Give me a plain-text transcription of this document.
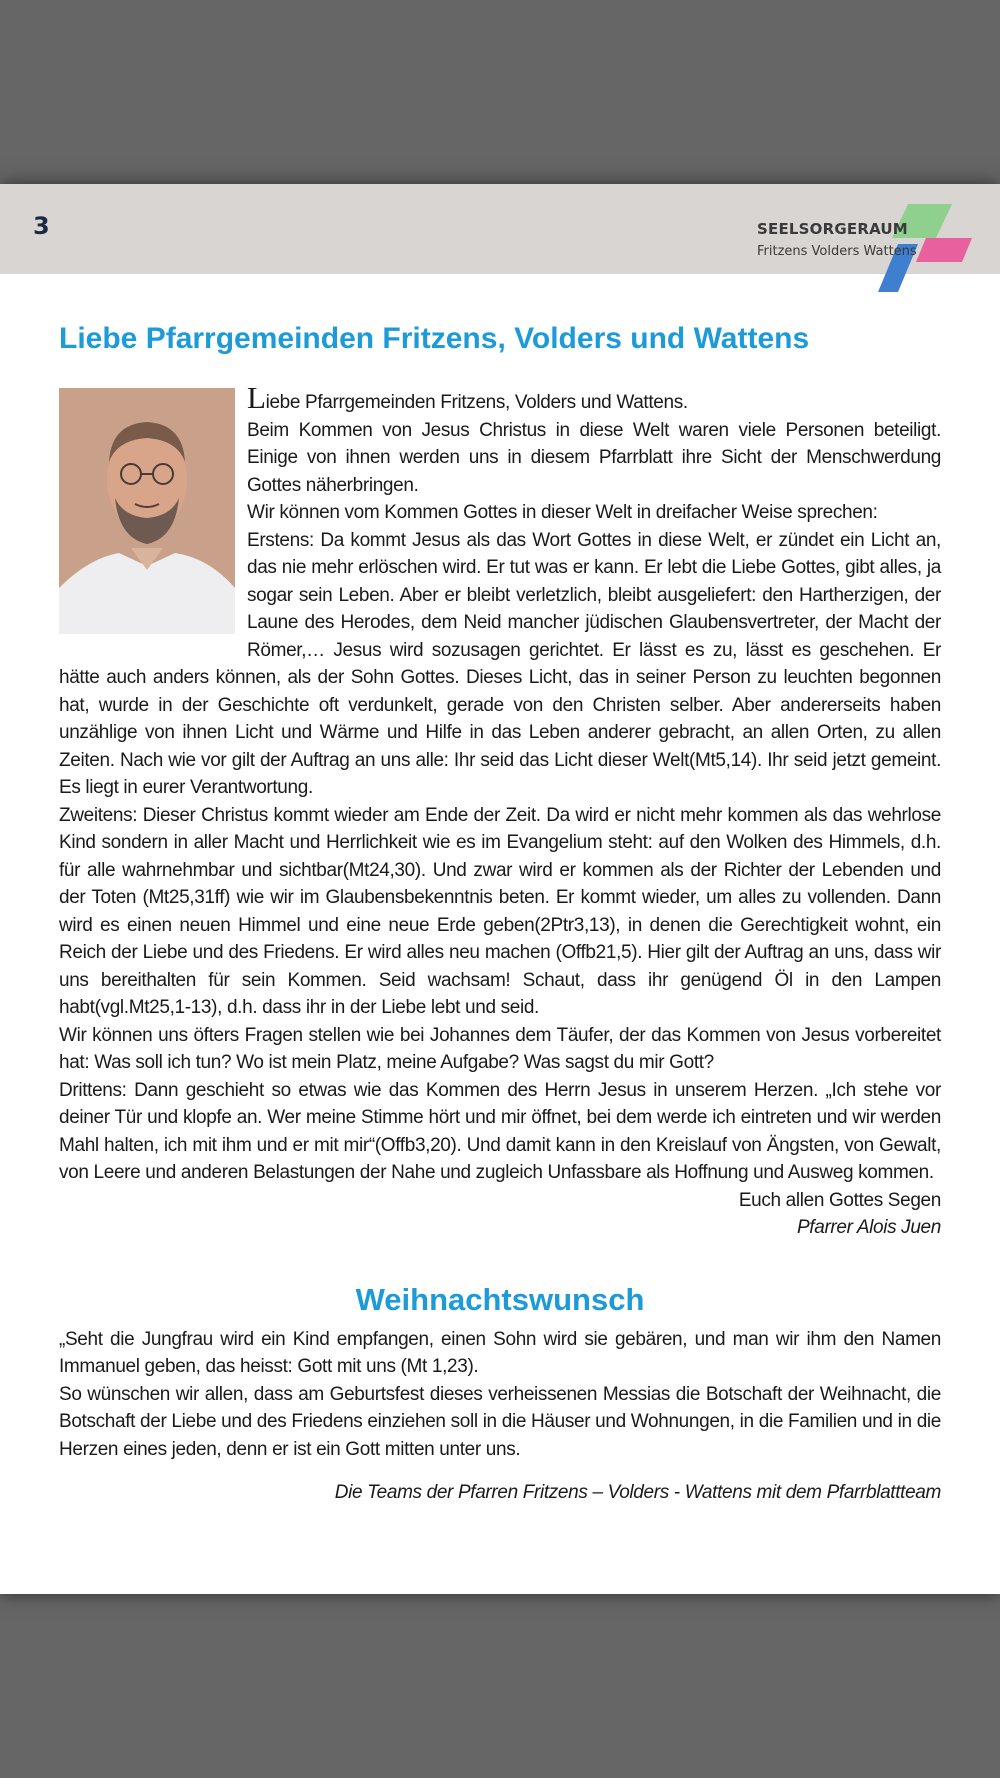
3	SEELSORGERAUM
Fritzens Volders Wattens
Liebe Pfarrgemeinden Fritzens, Volders und Wattens

Liebe Pfarrgemeinden Fritzens, Volders und Wattens.

Beim Kommen von Jesus Christus in diese Welt waren viele Personen beteiligt. Einige von ihnen werden uns in diesem Pfarrblatt ihre Sicht der Menschwerdung Gottes näherbringen.

Wir können vom Kommen Gottes in dieser Welt in dreifacher Weise sprechen:

Erstens: Da kommt Jesus als das Wort Gottes in diese Welt, er zündet ein Licht an, das nie mehr erlöschen wird. Er tut was er kann. Er lebt die Liebe Gottes, gibt alles, ja sogar sein Leben. Aber er bleibt verletzlich, bleibt ausgeliefert: den Hartherzigen, der Laune des Herodes, dem Neid mancher jüdischen Glaubensvertreter, der Macht der Römer,… Jesus wird sozusagen gerichtet. Er lässt es zu, lässt es geschehen. Er hätte auch anders können, als der Sohn Gottes. Dieses Licht, das in seiner Person zu leuchten begonnen hat, wurde in der Geschichte oft verdunkelt, gerade von den Christen selber. Aber andererseits haben unzählige von ihnen Licht und Wärme und Hilfe in das Leben anderer gebracht, an allen Orten, zu allen Zeiten. Nach wie vor gilt der Auftrag an uns alle: Ihr seid das Licht dieser Welt(Mt5,14). Ihr seid jetzt gemeint. Es liegt in eurer Verantwortung.

Zweitens: Dieser Christus kommt wieder am Ende der Zeit. Da wird er nicht mehr kommen als das wehrlose Kind sondern in aller Macht und Herrlichkeit wie es im Evangelium steht: auf den Wolken des Himmels, d.h. für alle wahrnehmbar und sichtbar(Mt24,30). Und zwar wird er kommen als der Richter der Lebenden und der Toten (Mt25,31ff) wie wir im Glaubensbekenntnis beten. Er kommt wieder, um alles zu vollenden. Dann wird es einen neuen Himmel und eine neue Erde geben(2Ptr3,13), in denen die Gerechtigkeit wohnt, ein Reich der Liebe und des Friedens. Er wird alles neu machen (Offb21,5). Hier gilt der Auftrag an uns, dass wir uns bereithalten für sein Kommen. Seid wachsam! Schaut, dass ihr genügend Öl in den Lampen habt(vgl.Mt25,1-13), d.h. dass ihr in der Liebe lebt und seid.

Wir können uns öfters Fragen stellen wie bei Johannes dem Täufer, der das Kommen von Jesus vorbereitet hat: Was soll ich tun? Wo ist mein Platz, meine Aufgabe? Was sagst du mir Gott?

Drittens: Dann geschieht so etwas wie das Kommen des Herrn Jesus in unserem Herzen. „Ich stehe vor deiner Tür und klopfe an. Wer meine Stimme hört und mir öffnet, bei dem werde ich eintreten und wir werden Mahl halten, ich mit ihm und er mit mir“(Offb3,20). Und damit kann in den Kreislauf von Ängsten, von Gewalt, von Leere und anderen Belastungen der Nahe und zugleich Unfassbare als Hoffnung und Ausweg kommen.

Euch allen Gottes Segen

Pfarrer Alois Juen

Weihnachtswunsch

„Seht die Jungfrau wird ein Kind empfangen, einen Sohn wird sie gebären, und man wir ihm den Namen Immanuel geben, das heisst: Gott mit uns (Mt 1,23).

So wünschen wir allen, dass am Geburtsfest dieses verheissenen Messias die Botschaft der Weihnacht, die Botschaft der Liebe und des Friedens einziehen soll in die Häuser und Wohnungen, in die Familien und in die Herzen eines jeden, denn er ist ein Gott mitten unter uns.

Die Teams der Pfarren Fritzens – Volders - Wattens mit dem Pfarrblattteam
